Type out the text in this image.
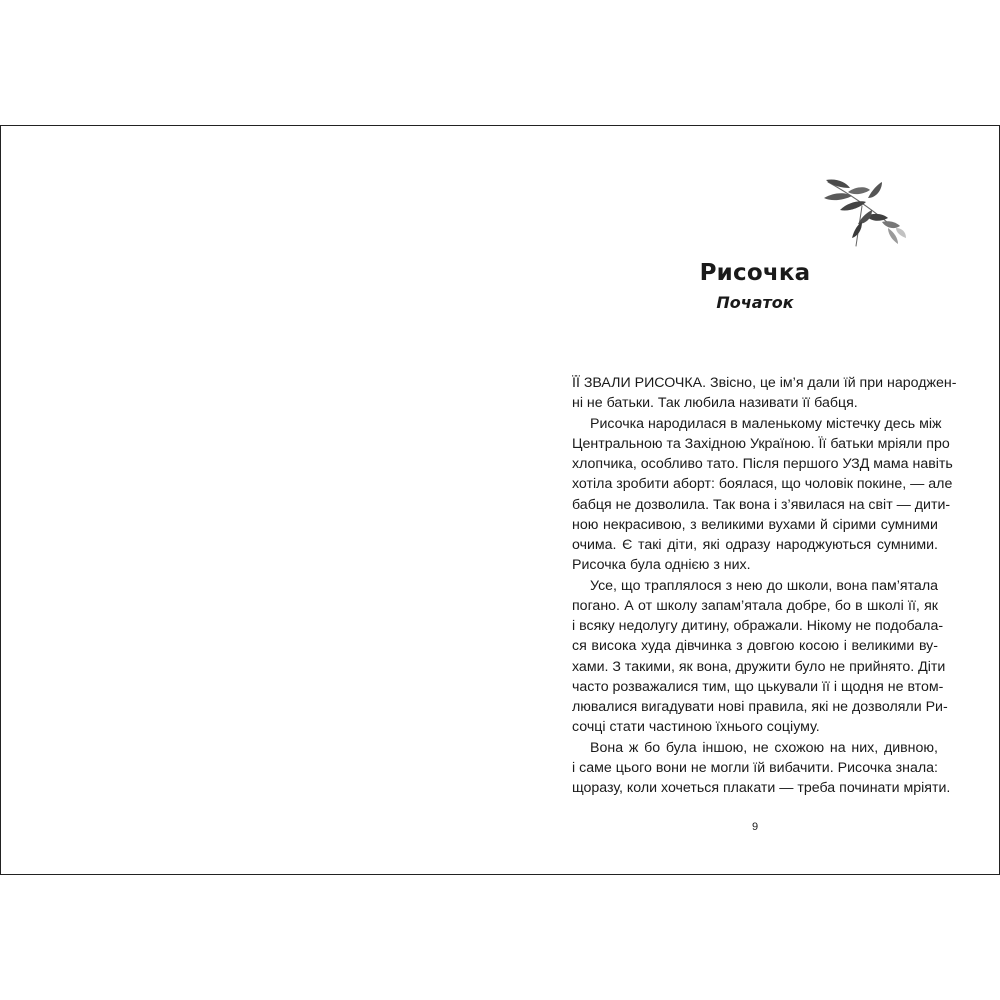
Рисочка
Початок
ЇЇ ЗВАЛИ РИСОЧКА. Звісно, це ім’я дали їй при народжен-
ні не батьки. Так любила називати її бабця.
Рисочка народилася в маленькому містечку десь між
Центральною та Західною Україною. Її батьки мріяли про
хлопчика, особливо тато. Після першого УЗД мама навіть
хотіла зробити аборт: боялася, що чоловік покине, — але
бабця не дозволила. Так вона і з’явилася на світ — дити-
ною некрасивою, з великими вухами й сірими сумними
очима. Є такі діти, які одразу народжуються сумними.
Рисочка була однією з них.
Усе, що траплялося з нею до школи, вона пам’ятала
погано. А от школу запам’ятала добре, бо в школі її, як
і всяку недолугу дитину, ображали. Нікому не подобала-
ся висока худа дівчинка з довгою косою і великими ву-
хами. З такими, як вона, дружити було не прийнято. Діти
часто розважалися тим, що цькували її і щодня не втом-
лювалися вигадувати нові правила, які не дозволяли Ри-
сочці стати частиною їхнього соціуму.
Вона ж бо була іншою, не схожою на них, дивною,
і саме цього вони не могли їй вибачити. Рисочка знала:
щоразу, коли хочеться плакати — треба починати мріяти.
9
